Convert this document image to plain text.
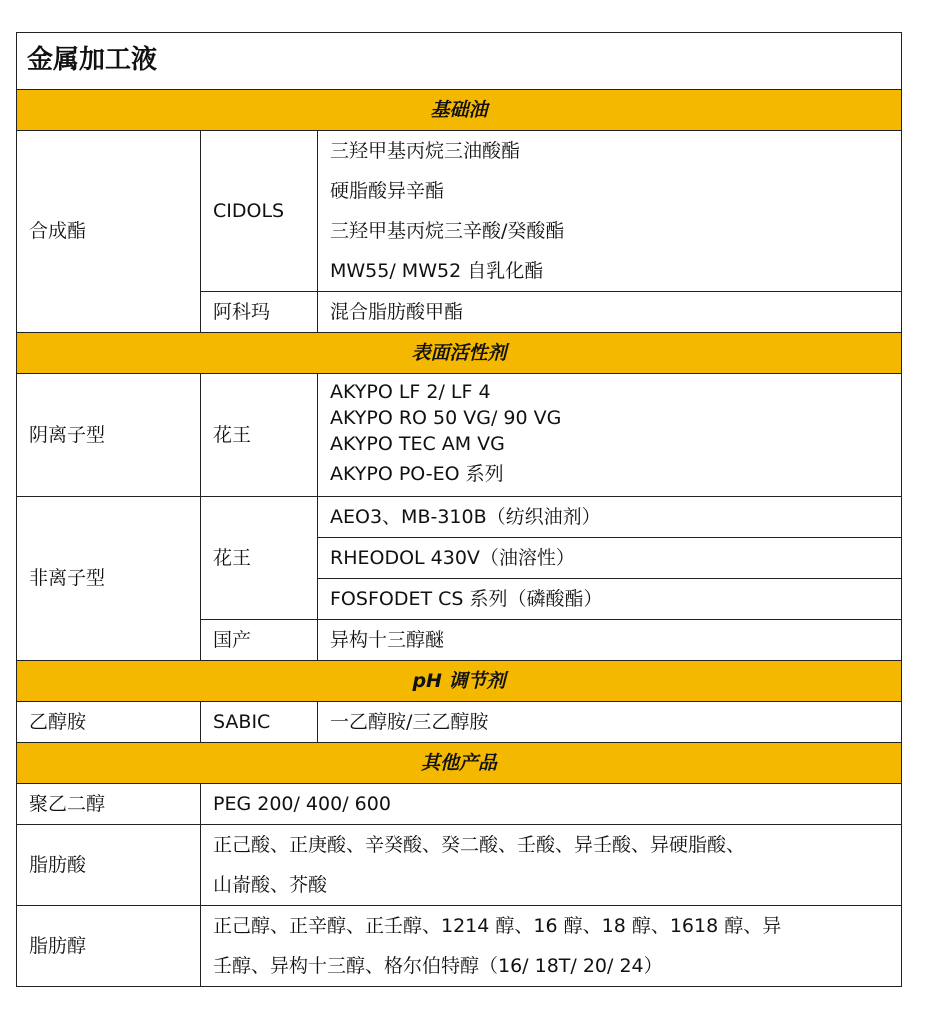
金属加工液		
基础油		
合成酯	CIDOLS	三羟甲基丙烷三油酸酯
硬脂酸异辛酯
三羟甲基丙烷三辛酸/癸酸酯
MW55/ MW52 自乳化酯

	阿科玛	混合脂肪酸甲酯
表面活性剂		
阴离子型	花王	AKYPO LF 2/ LF 4
AKYPO RO 50 VG/ 90 VG
AKYPO TEC AM VG
AKYPO PO-EO 系列

非离子型	花王	AEO3、MB-310B（纺织油剂）
		RHEODOL 430V（油溶性）
		FOSFODET CS 系列（磷酸酯）
	国产	异构十三醇醚
pH 调节剂		
乙醇胺	SABIC	一乙醇胺/三乙醇胺
其他产品		
聚乙二醇	PEG 200/ 400/ 600	
脂肪酸	正己酸、正庚酸、辛癸酸、癸二酸、壬酸、异壬酸、异硬脂酸、
山嵛酸、芥酸	

脂肪醇	正己醇、正辛醇、正壬醇、1214 醇、16 醇、18 醇、1618 醇、异
壬醇、异构十三醇、格尔伯特醇（16/ 18T/ 20/ 24）	
